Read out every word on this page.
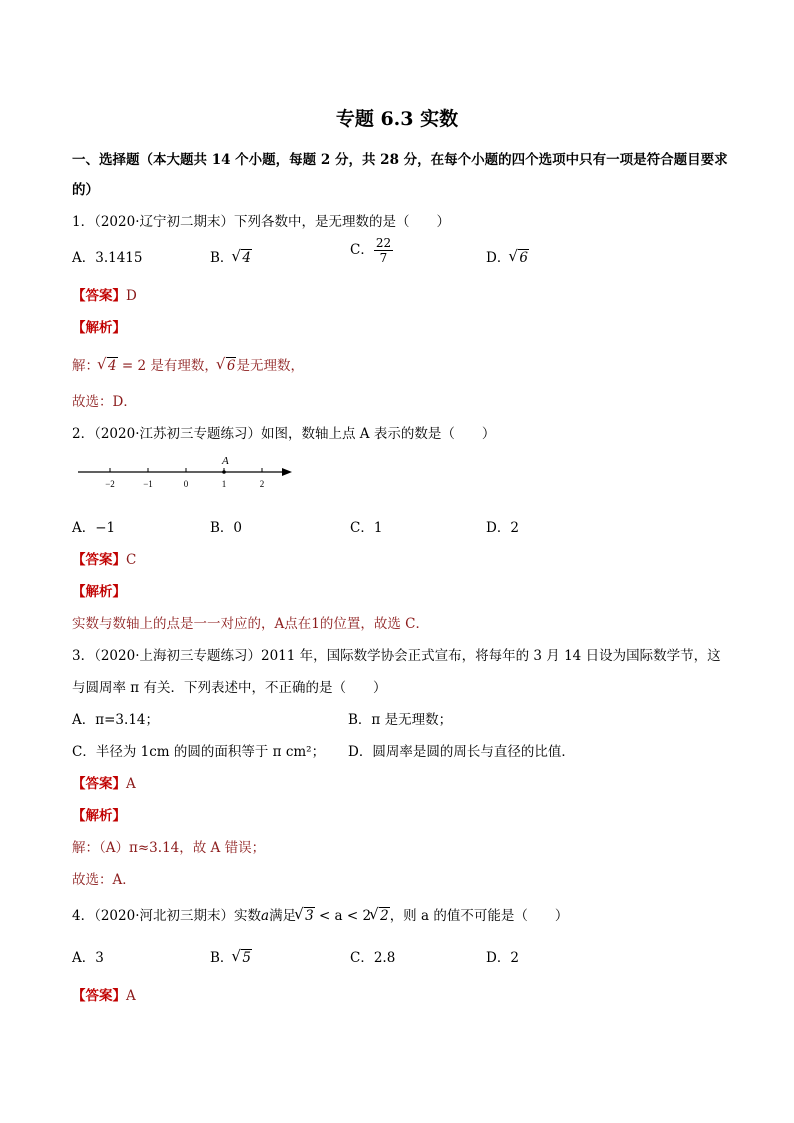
专题 6.3 实数
一、选择题（本大题共 14 个小题，每题 2 分，共 28 分，在每个小题的四个选项中只有一项是符合题目要求的）
1．（2020·辽宁初二期末）下列各数中，是无理数的是（　　）
A．3.1415	B．
√ 4	C． $\frac{22}{7}$	D．
√ 6
【答案】D
【解析】
解：
√ 4 = 2 是有理数，
√ 6是无理数，
故选：D．
2．（2020·江苏初三专题练习）如图，数轴上点 A 表示的数是（　　）
−2	−1	0	1	2
A
A．−1	B．0	C．1	D．2
【答案】C
【解析】
实数与数轴上的点是一一对应的，A点在1的位置，故选 C．
3．（2020·上海初三专题练习）2011 年，国际数学协会正式宣布，将每年的 3 月 14 日设为国际数学节，这
与圆周率 π 有关．下列表述中，不正确的是（　　）
A．π=3.14；	B．π 是无理数；
C．半径为 1cm 的圆的面积等于 π cm²； D．圆周率是圆的周长与直径的比值．
【答案】A
【解析】
解：（A）π≈3.14，故 A 错误；
故选：A．
4．（2020·河北初三期末）实数a满足
√ 3 < a < 2
√ 2，则 a 的值不可能是（　　）
A．3	B．
√ 5	C．2.8	D．2
【答案】A
